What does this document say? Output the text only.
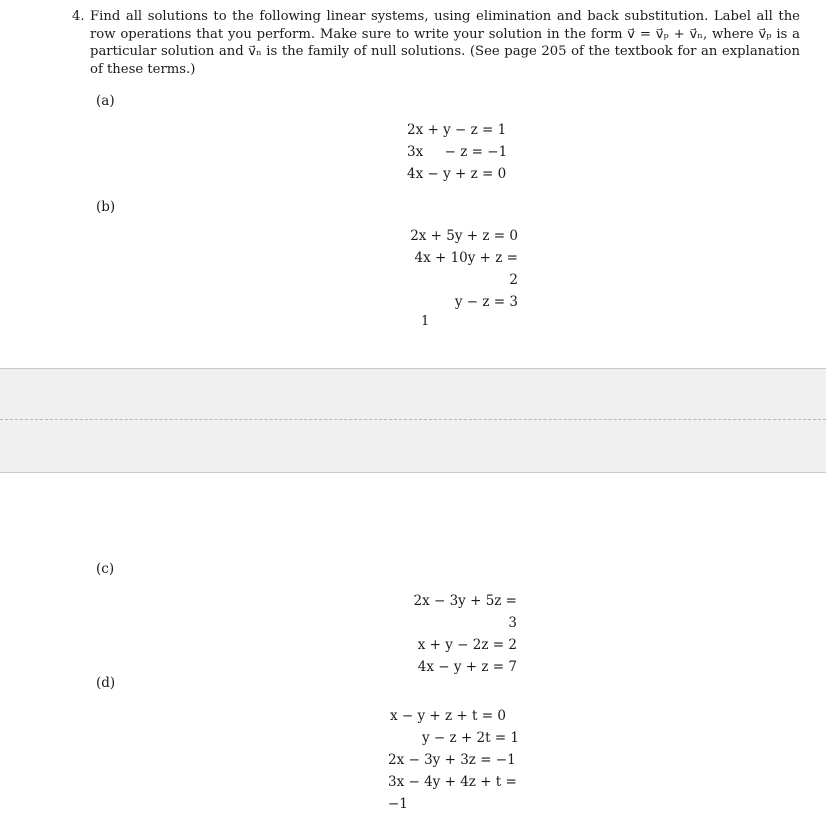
4. Find all solutions to the following linear systems, using elimination and back substitution. Label all the row operations that you perform. Make sure to write your solution in the form v⃗ = v⃗ₚ + v⃗ₙ, where v⃗ₚ is a particular solution and v⃗ₙ is the family of null solutions. (See page 205 of the textbook for an explanation of these terms.)
(a)
2x + y − z = 1
3x     − z = −1
4x − y + z = 0
(b)
2x + 5y + z = 0
4x + 10y + z = 2
y − z = 3
1
(c)
2x − 3y + 5z = 3
x + y − 2z = 2
4x − y + z = 7
(d)
x − y + z + t = 0
y − z + 2t = 1
2x − 3y + 3z = −1
3x − 4y + 4z + t = −1
